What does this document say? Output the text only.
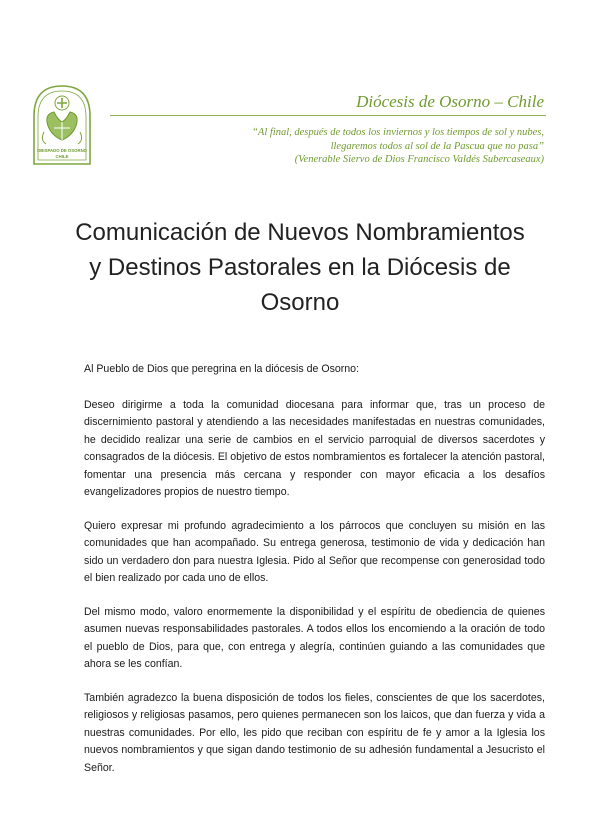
OBISPADO DE OSORNO
CHILE
Diócesis de Osorno – Chile
“Al final, después de todos los inviernos y los tiempos de sol y nubes,
llegaremos todos al sol de la Pascua que no pasa”
(Venerable Siervo de Dios Francisco Valdés Subercaseaux)
Comunicación de Nuevos Nombramientos
y Destinos Pastorales en la Diócesis de
Osorno

Al Pueblo de Dios que peregrina en la diócesis de Osorno:

Deseo dirigirme a toda la comunidad diocesana para informar que, tras un proceso de discernimiento pastoral y atendiendo a las necesidades manifestadas en nuestras comunidades, he decidido realizar una serie de cambios en el servicio parroquial de diversos sacerdotes y consagrados de la diócesis. El objetivo de estos nombramientos es fortalecer la atención pastoral, fomentar una presencia más cercana y responder con mayor eficacia a los desafíos evangelizadores propios de nuestro tiempo.

Quiero expresar mi profundo agradecimiento a los párrocos que concluyen su misión en las comunidades que han acompañado. Su entrega generosa, testimonio de vida y dedicación han sido un verdadero don para nuestra Iglesia. Pido al Señor que recompense con generosidad todo el bien realizado por cada uno de ellos.

Del mismo modo, valoro enormemente la disponibilidad y el espíritu de obediencia de quienes asumen nuevas responsabilidades pastorales. A todos ellos los encomiendo a la oración de todo el pueblo de Dios, para que, con entrega y alegría, continúen guiando a las comunidades que ahora se les confían.

También agradezco la buena disposición de todos los fieles, conscientes de que los sacerdotes, religiosos y religiosas pasamos, pero quienes permanecen son los laicos, que dan fuerza y vida a nuestras comunidades. Por ello, les pido que reciban con espíritu de fe y amor a la Iglesia los nuevos nombramientos y que sigan dando testimonio de su adhesión fundamental a Jesucristo el Señor.
